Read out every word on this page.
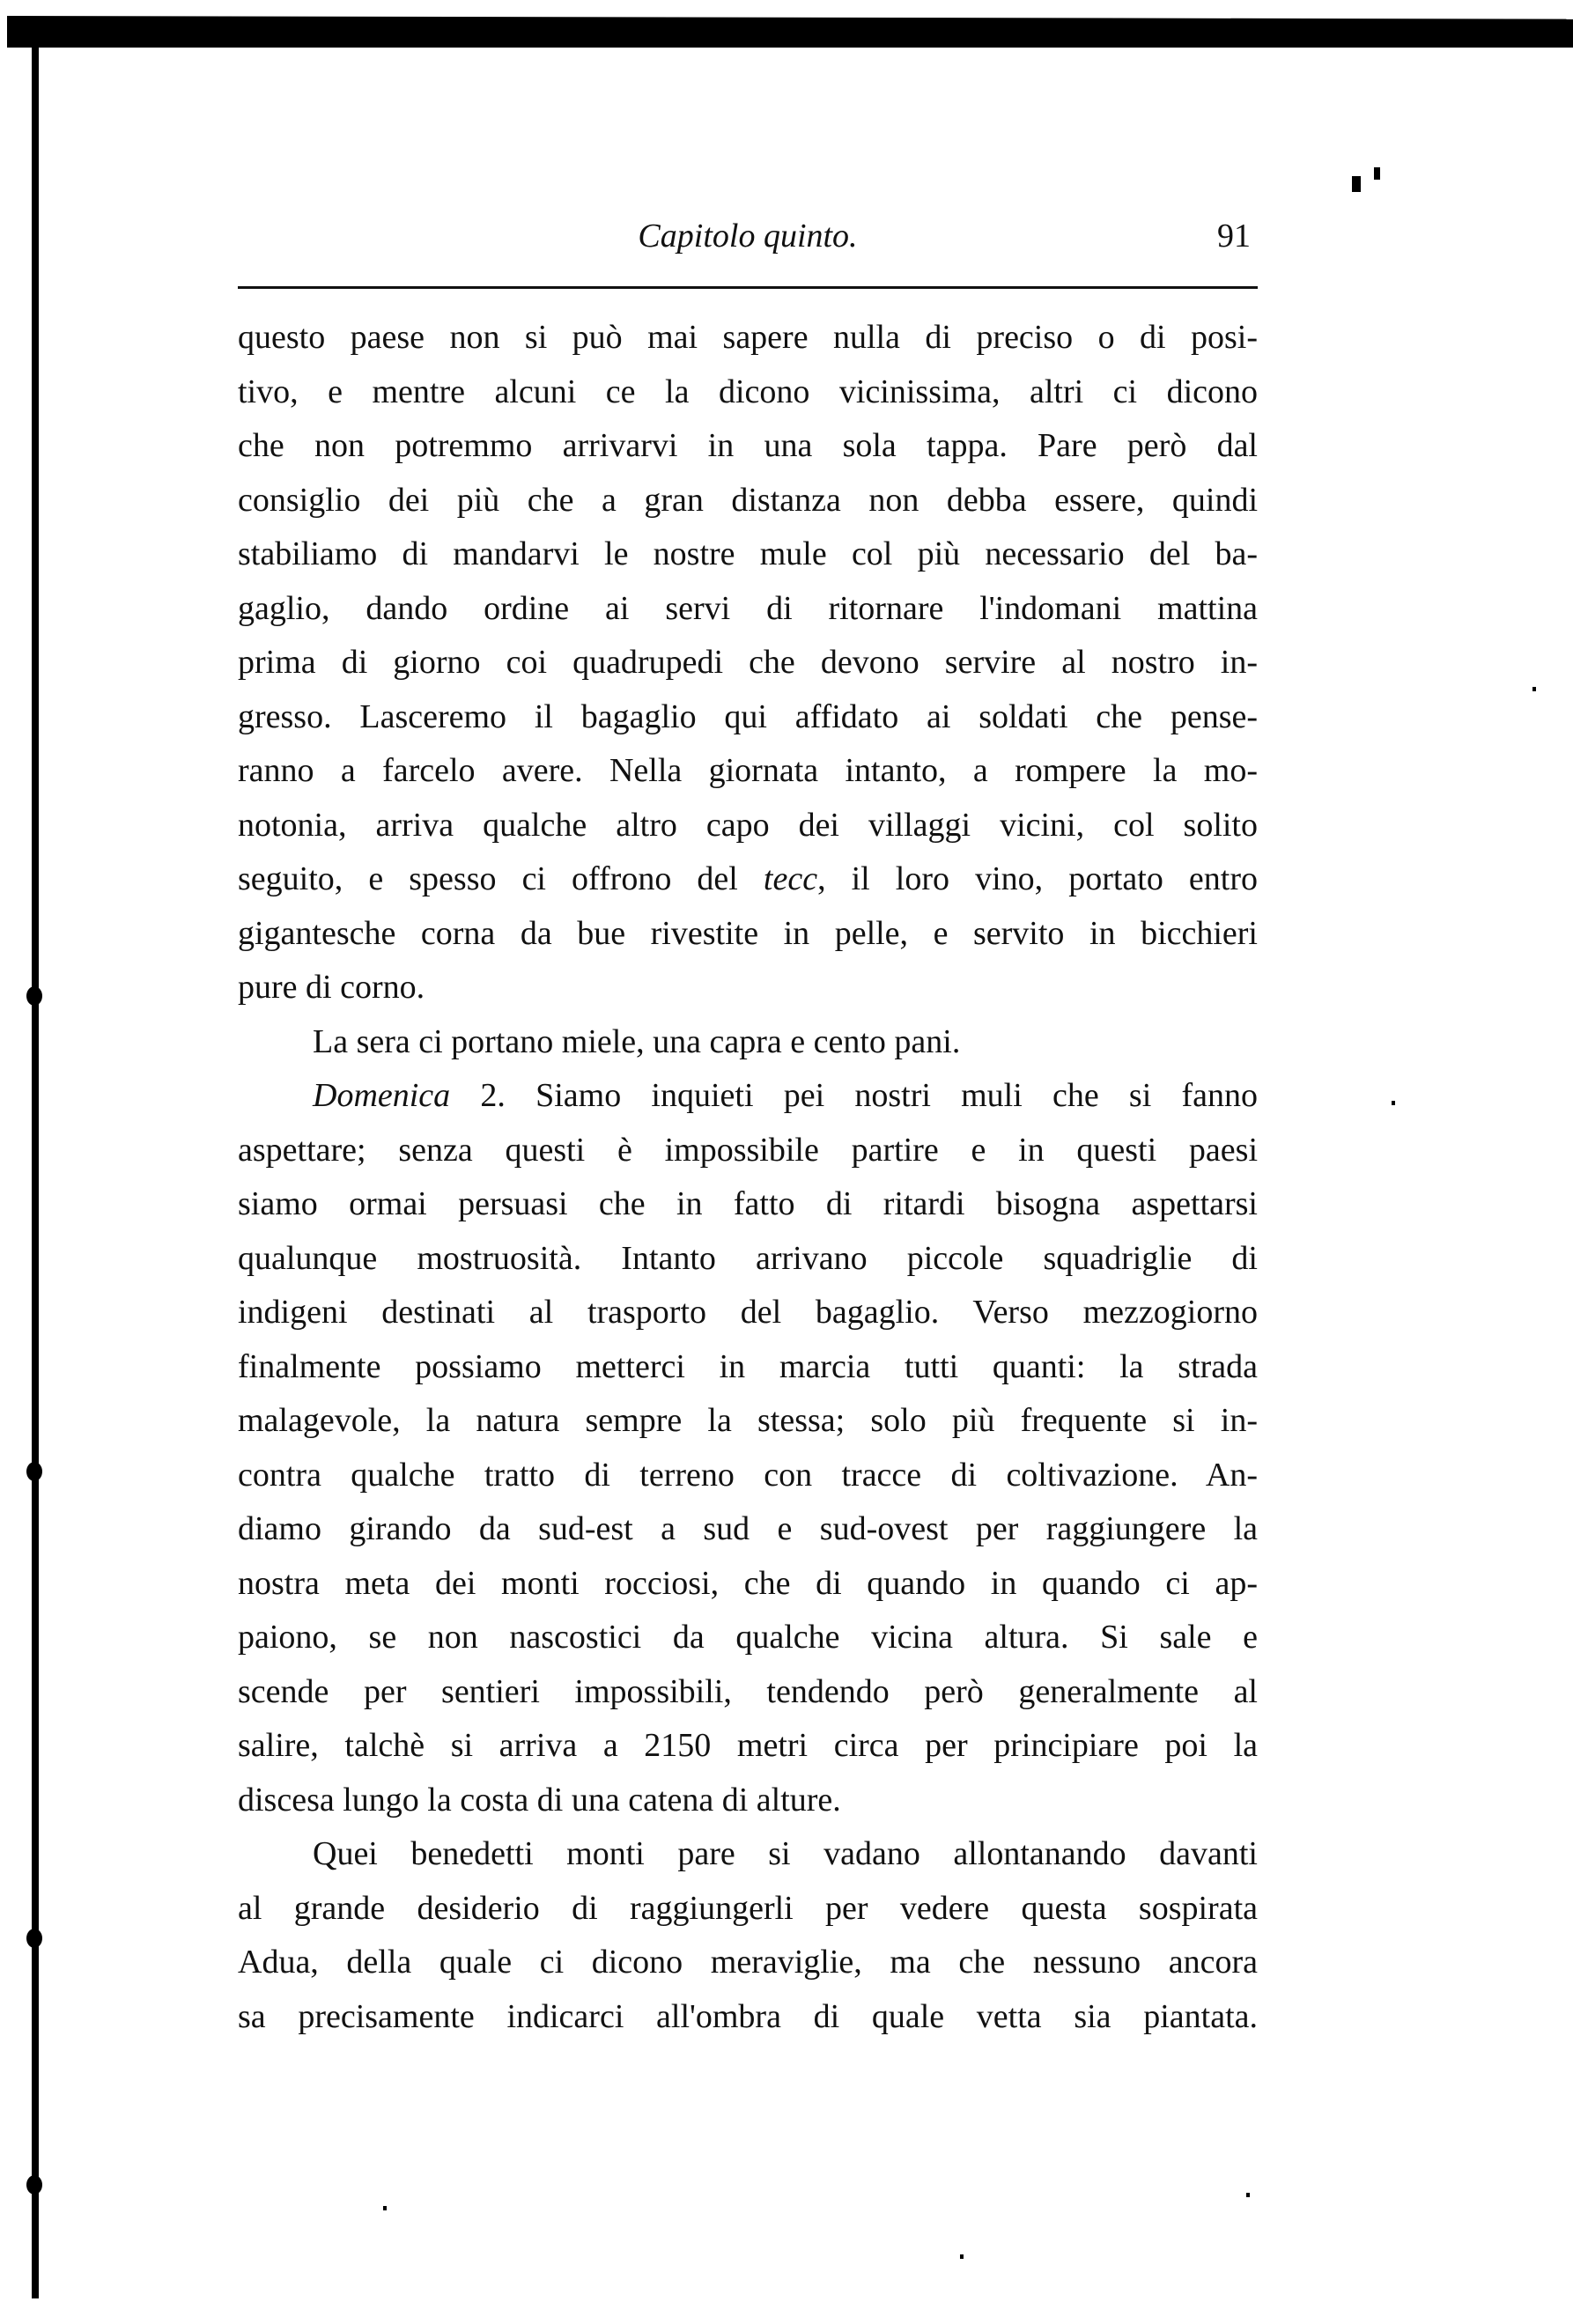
Capitolo quinto.	91
questo paese non si può mai sapere nulla di preciso o di posi-
tivo, e mentre alcuni ce la dicono vicinissima, altri ci dicono
che non potremmo arrivarvi in una sola tappa. Pare però dal
consiglio dei più che a gran distanza non debba essere, quindi
stabiliamo di mandarvi le nostre mule col più necessario del ba-
gaglio, dando ordine ai servi di ritornare l'indomani mattina
prima di giorno coi quadrupedi che devono servire al nostro in-
gresso. Lasceremo il bagaglio qui affidato ai soldati che pense-
ranno a farcelo avere. Nella giornata intanto, a rompere la mo-
notonia, arriva qualche altro capo dei villaggi vicini, col solito
seguito, e spesso ci offrono del tecc, il loro vino, portato entro
gigantesche corna da bue rivestite in pelle, e servito in bicchieri
pure di corno.
La sera ci portano miele, una capra e cento pani.
Domenica 2. Siamo inquieti pei nostri muli che si fanno
aspettare; senza questi è impossibile partire e in questi paesi
siamo ormai persuasi che in fatto di ritardi bisogna aspettarsi
qualunque mostruosità. Intanto arrivano piccole squadriglie di
indigeni destinati al trasporto del bagaglio. Verso mezzogiorno
finalmente possiamo metterci in marcia tutti quanti: la strada
malagevole, la natura sempre la stessa; solo più frequente si in-
contra qualche tratto di terreno con tracce di coltivazione. An-
diamo girando da sud-est a sud e sud-ovest per raggiungere la
nostra meta dei monti rocciosi, che di quando in quando ci ap-
paiono, se non nascostici da qualche vicina altura. Si sale e
scende per sentieri impossibili, tendendo però generalmente al
salire, talchè si arriva a 2150 metri circa per principiare poi la
discesa lungo la costa di una catena di alture.
Quei benedetti monti pare si vadano allontanando davanti
al grande desiderio di raggiungerli per vedere questa sospirata
Adua, della quale ci dicono meraviglie, ma che nessuno ancora
sa precisamente indicarci all'ombra di quale vetta sia piantata.
